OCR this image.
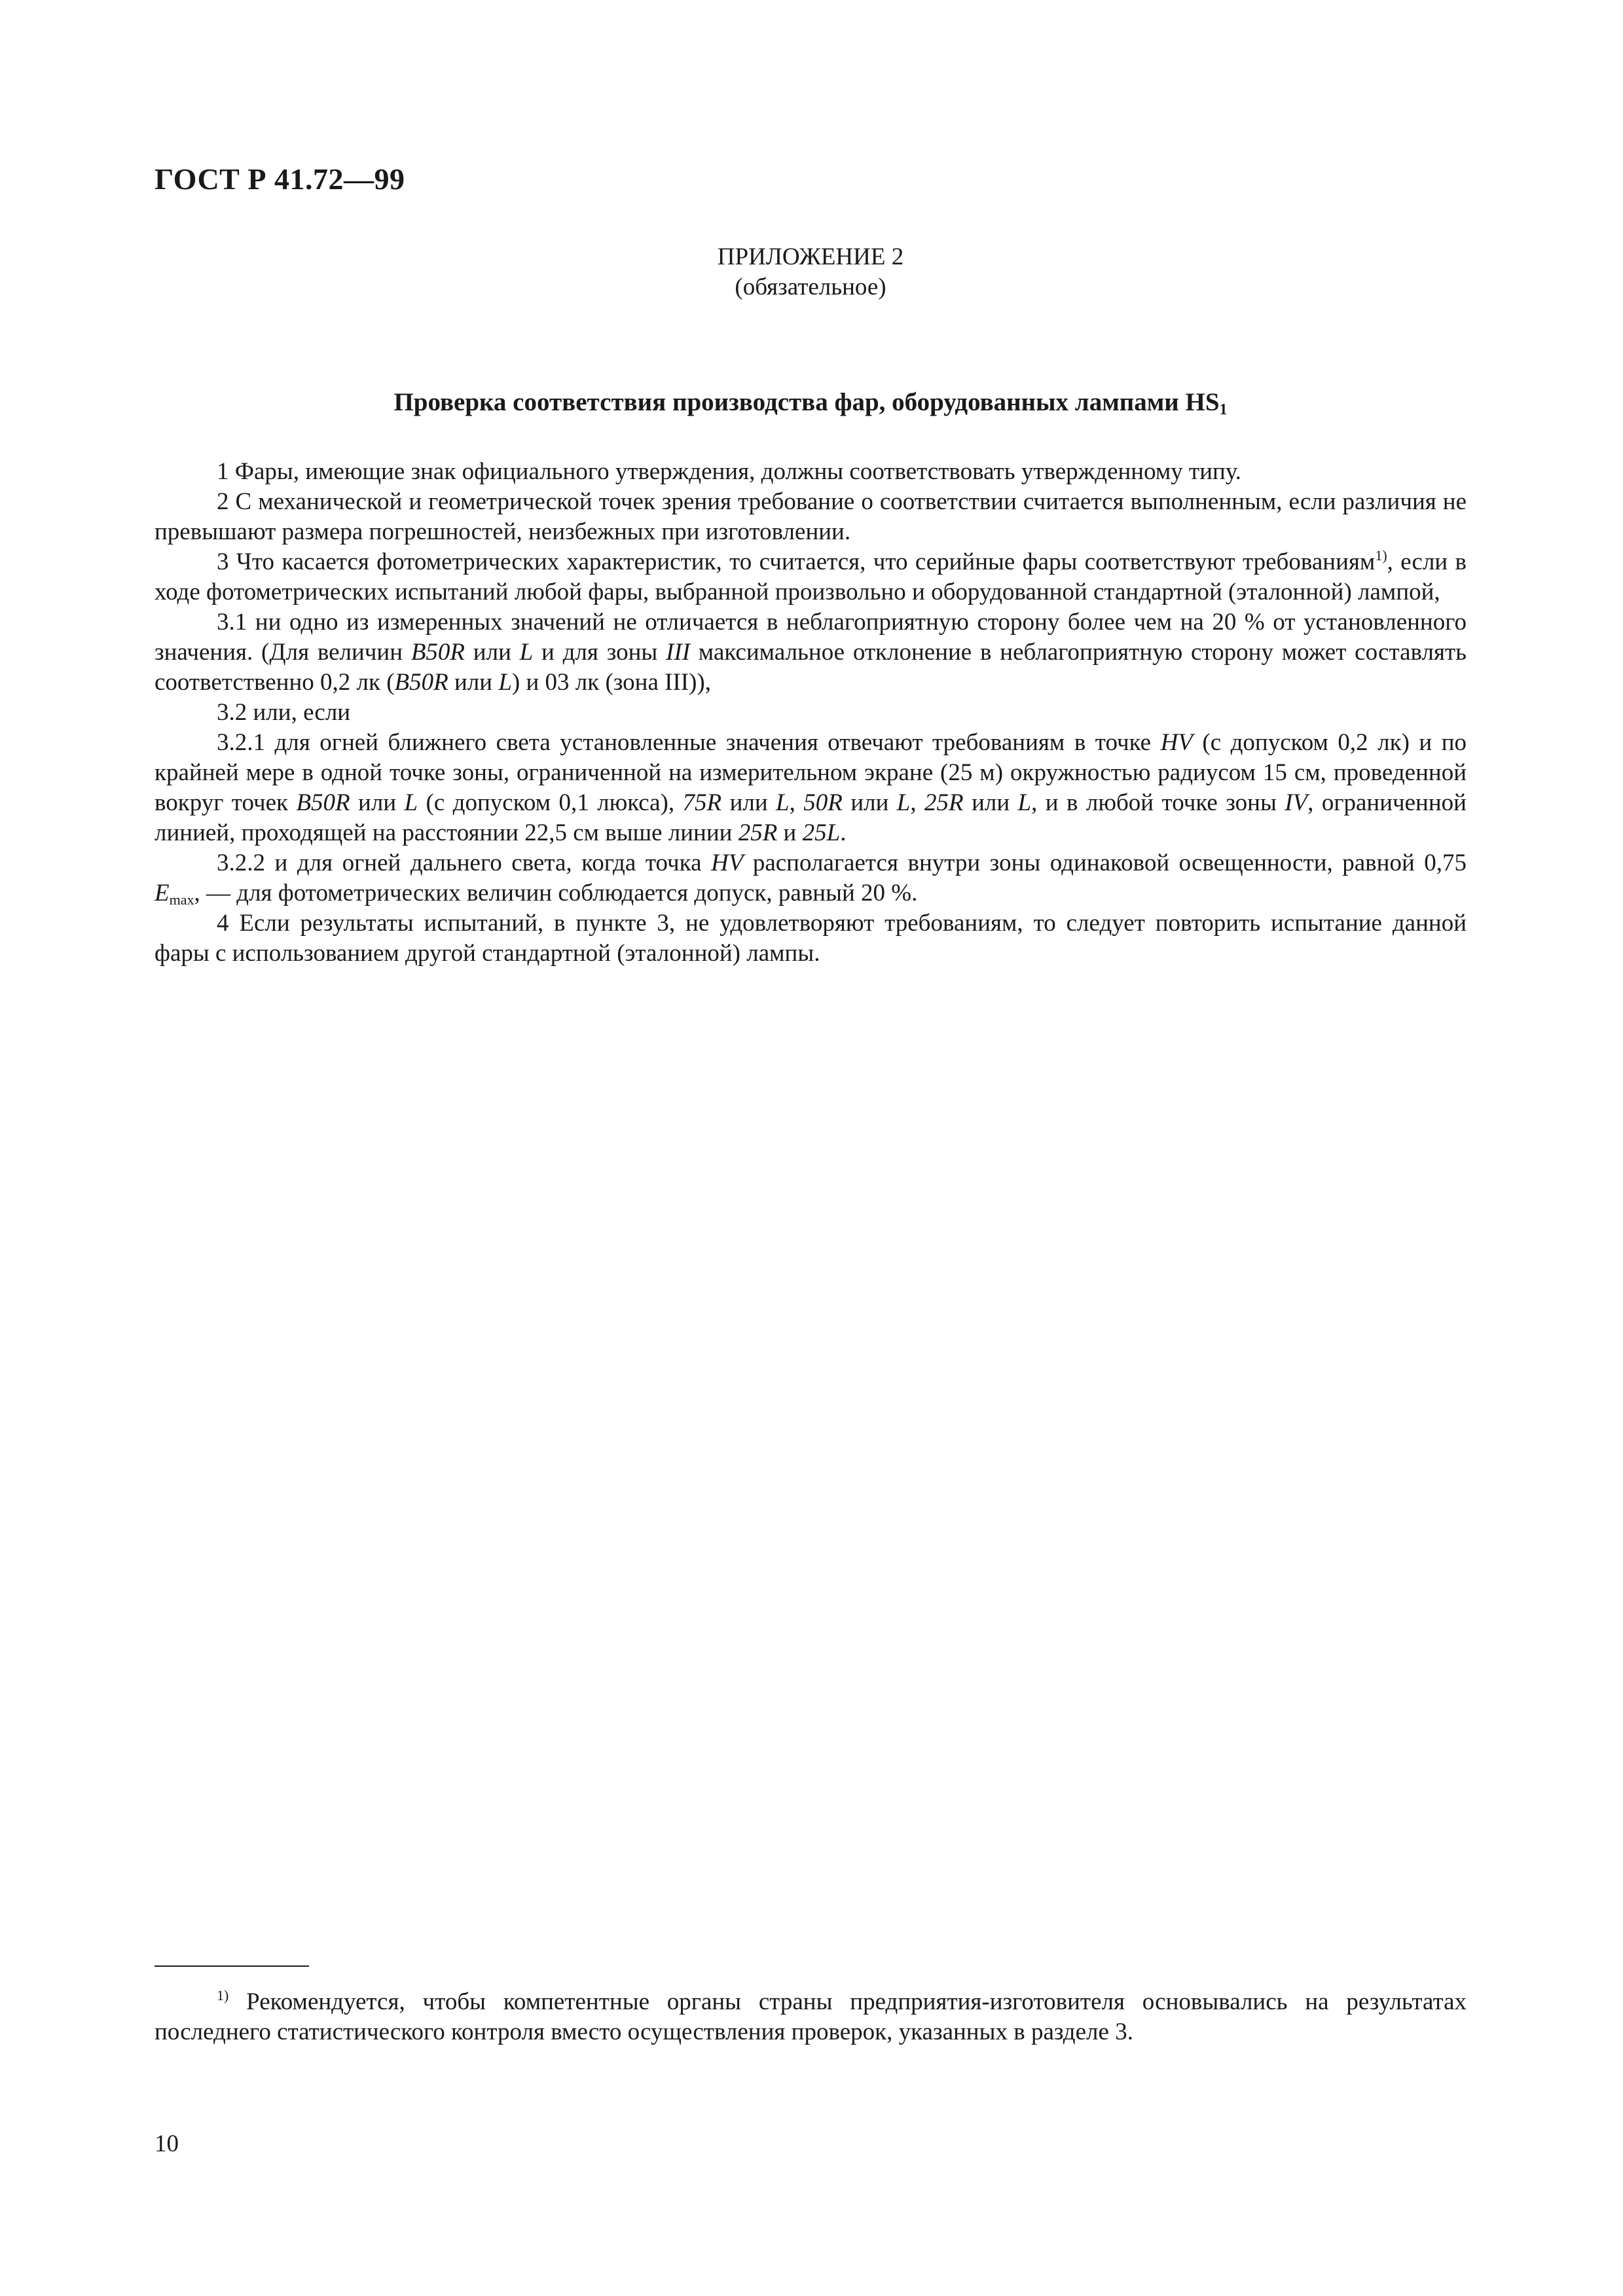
ГОСТ Р 41.72—99
ПРИЛОЖЕНИЕ 2
(обязательное)
Проверка соответствия производства фар, оборудованных лампами $HS_1$

1 Фары, имеющие знак официального утверждения, должны соответствовать утвержденному типу.

2 С механической и геометрической точек зрения требование о соответствии считается выполненным, если различия не превышают размера погрешностей, неизбежных при изготовлении.

3 Что касается фотометрических характеристик, то считается, что серийные фары соответствуют требованиям$^{1)}$, если в ходе фотометрических испытаний любой фары, выбранной произвольно и оборудованной стандартной (эталонной) лампой,

3.1 ни одно из измеренных значений не отличается в неблагоприятную сторону более чем на 20 % от установленного значения. (Для величин B50R или L и для зоны III максимальное отклонение в неблагоприятную сторону может составлять соответственно 0,2 лк (B50R или L) и 03 лк (зона III)),

3.2 или, если

3.2.1 для огней ближнего света установленные значения отвечают требованиям в точке HV (с допуском 0,2 лк) и по крайней мере в одной точке зоны, ограниченной на измерительном экране (25 м) окружностью радиусом 15 см, проведенной вокруг точек B50R или L (с допуском 0,1 люкса), 75R или L, 50R или L, 25R или L, и в любой точке зоны IV, ограниченной линией, проходящей на расстоянии 22,5 см выше линии 25R и 25L.

3.2.2 и для огней дальнего света, когда точка HV располагается внутри зоны одинаковой освещенности, равной 0,75 $E_{max}$, — для фотометрических величин соблюдается допуск, равный 20 %.

4 Если результаты испытаний, в пункте 3, не удовлетворяют требованиям, то следует повторить испытание данной фары с использованием другой стандартной (эталонной) лампы.

$^{1)}$ Рекомендуется, чтобы компетентные органы страны предприятия-изготовителя основывались на результатах последнего статистического контроля вместо осуществления проверок, указанных в разделе 3.

10
